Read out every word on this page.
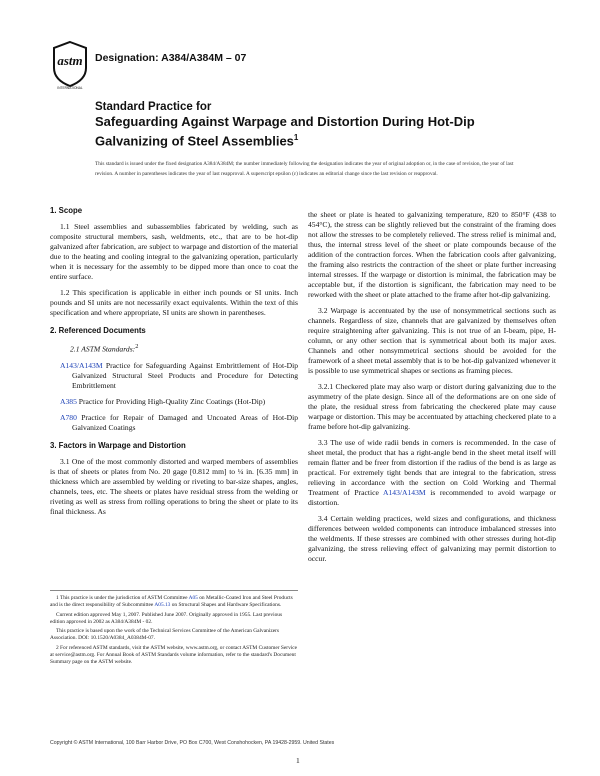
astm
INTERNATIONAL
Designation: A384/A384M – 07
Standard Practice for
Safeguarding Against Warpage and Distortion During Hot-Dip Galvanizing of Steel Assemblies$^1$
This standard is issued under the fixed designation A384/A384M; the number immediately following the designation indicates the year of original adoption or, in the case of revision, the year of last revision. A number in parentheses indicates the year of last reapproval. A superscript epsilon (ε) indicates an editorial change since the last revision or reapproval.
1. Scope

1.1 Steel assemblies and subassemblies fabricated by welding, such as composite structural members, sash, weldments, etc., that are to be hot-dip galvanized after fabrication, are subject to warpage and distortion of the material due to the heating and cooling integral to the galvanizing operation, particularly when it is necessary for the assembly to be dipped more than once to coat the entire surface.

1.2 This specification is applicable in either inch pounds or SI units. Inch pounds and SI units are not necessarily exact equivalents. Within the text of this specification and where appropriate, SI units are shown in parentheses.

2. Referenced Documents

2.1 ASTM Standards:$^2$

A143/A143M Practice for Safeguarding Against Embrittlement of Hot-Dip Galvanized Structural Steel Products and Procedure for Detecting Embrittlement

A385 Practice for Providing High-Quality Zinc Coatings (Hot-Dip)

A780 Practice for Repair of Damaged and Uncoated Areas of Hot-Dip Galvanized Coatings

3. Factors in Warpage and Distortion

3.1 One of the most commonly distorted and warped members of assemblies is that of sheets or plates from No. 20 gage [0.812 mm] to ¼ in. [6.35 mm] in thickness which are assembled by welding or riveting to bar-size shapes, angles, channels, tees, etc. The sheets or plates have residual stress from the welding or riveting as well as stress from rolling operations to bring the sheet or plate to its final thickness. As

the sheet or plate is heated to galvanizing temperature, 820 to 850°F (438 to 454°C), the stress can be slightly relieved but the constraint of the framing does not allow the stresses to be completely relieved. The stress relief is minimal and, thus, the internal stress level of the sheet or plate compounds because of the addition of the contraction forces. When the fabrication cools after galvanizing, the framing also restricts the contraction of the sheet or plate further increasing internal stresses. If the warpage or distortion is minimal, the fabrication may be acceptable but, if the distortion is significant, the fabrication may need to be reworked with the sheet or plate attached to the frame after hot-dip galvanizing.

3.2 Warpage is accentuated by the use of nonsymmetrical sections such as channels. Regardless of size, channels that are galvanized by themselves often require straightening after galvanizing. This is not true of an I-beam, pipe, H-column, or any other section that is symmetrical about both its major axes. Channels and other nonsymmetrical sections should be avoided for the framework of a sheet metal assembly that is to be hot-dip galvanized whenever it is possible to use symmetrical shapes or sections as framing pieces.

3.2.1 Checkered plate may also warp or distort during galvanizing due to the asymmetry of the plate design. Since all of the deformations are on one side of the plate, the residual stress from fabricating the checkered plate may cause warpage or distortion. This may be accentuated by attaching checkered plate to a frame before hot-dip galvanizing.

3.3 The use of wide radii bends in corners is recommended. In the case of sheet metal, the product that has a right-angle bend in the sheet metal itself will remain flatter and be freer from distortion if the radius of the bend is as large as practical. For extremely tight bends that are integral to the fabrication, stress relieving in accordance with the section on Cold Working and Thermal Treatment of Practice A143/A143M is recommended to avoid warpage or distortion.

3.4 Certain welding practices, weld sizes and configurations, and thickness differences between welded components can introduce imbalanced stresses into the weldments. If these stresses are combined with other stresses during hot-dip galvanizing, the stress relieving effect of galvanizing may permit distortion to occur.

1 This practice is under the jurisdiction of ASTM Committee A05 on Metallic-Coated Iron and Steel Products and is the direct responsibility of Subcommittee A05.13 on Structural Shapes and Hardware Specifications.

Current edition approved May 1, 2007. Published June 2007. Originally approved in 1955. Last previous edition approved in 2002 as A384/A384M - 02.

This practice is based upon the work of the Technical Services Committee of the American Galvanizers Association. DOI: 10.1520/A0384_A0384M-07.

2 For referenced ASTM standards, visit the ASTM website, www.astm.org, or contact ASTM Customer Service at service@astm.org. For Annual Book of ASTM Standards volume information, refer to the standard's Document Summary page on the ASTM website.

Copyright © ASTM International, 100 Barr Harbor Drive, PO Box C700, West Conshohocken, PA 19428-2959. United States
1
